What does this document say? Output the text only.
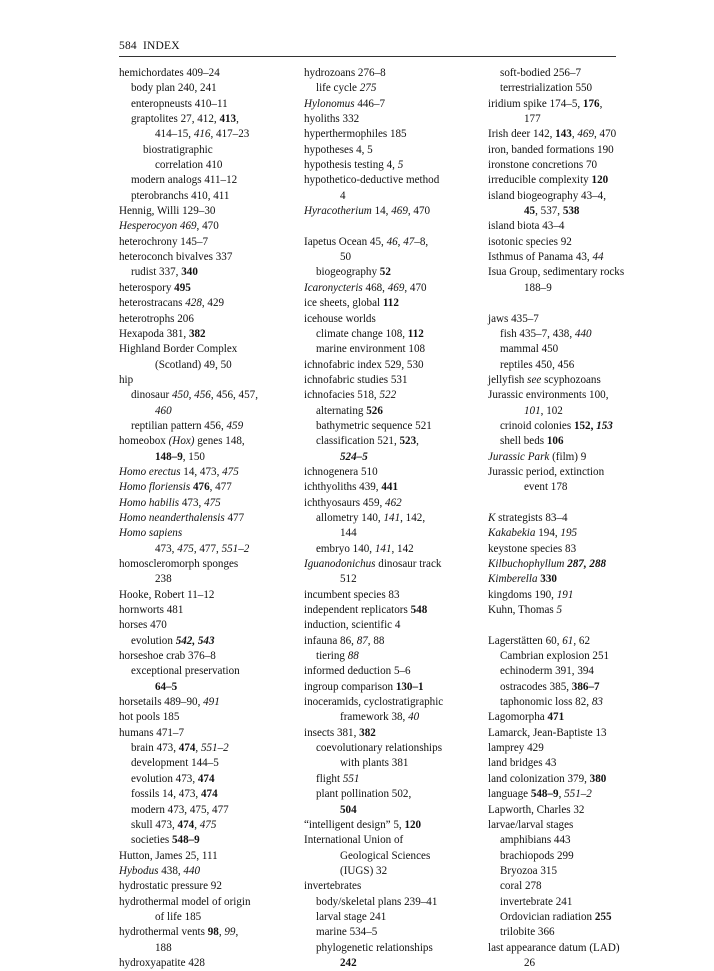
584 INDEX
hemichordates 409–24
body plan 240, 241
enteropneusts 410–11
graptolites 27, 412, 413,
414–15, 416, 417–23
biostratigraphic
correlation 410
modern analogs 411–12
pterobranchs 410, 411
Hennig, Willi 129–30
Hesperocyon 469, 470
heterochrony 145–7
heteroconch bivalves 337
rudist 337, 340
heterospory 495
heterostracans 428, 429
heterotrophs 206
Hexapoda 381, 382
Highland Border Complex
(Scotland) 49, 50
hip
dinosaur 450, 456, 456, 457,
460
reptilian pattern 456, 459
homeobox (Hox) genes 148,
148–9, 150
Homo erectus 14, 473, 475
Homo floriensis 476, 477
Homo habilis 473, 475
Homo neanderthalensis 477
Homo sapiens
473, 475, 477, 551–2
homoscleromorph sponges
238
Hooke, Robert 11–12
hornworts 481
horses 470
evolution 542, 543
horseshoe crab 376–8
exceptional preservation
64–5
horsetails 489–90, 491
hot pools 185
humans 471–7
brain 473, 474, 551–2
development 144–5
evolution 473, 474
fossils 14, 473, 474
modern 473, 475, 477
skull 473, 474, 475
societies 548–9
Hutton, James 25, 111
Hybodus 438, 440
hydrostatic pressure 92
hydrothermal model of origin
of life 185
hydrothermal vents 98, 99,
188
hydroxyapatite 428
hydrozoans 276–8
life cycle 275
Hylonomus 446–7
hyoliths 332
hyperthermophiles 185
hypotheses 4, 5
hypothesis testing 4, 5
hypothetico-deductive method
4
Hyracotherium 14, 469, 470
Iapetus Ocean 45, 46, 47–8,
50
biogeography 52
Icaronycteris 468, 469, 470
ice sheets, global 112
icehouse worlds
climate change 108, 112
marine environment 108
ichnofabric index 529, 530
ichnofabric studies 531
ichnofacies 518, 522
alternating 526
bathymetric sequence 521
classification 521, 523,
524–5
ichnogenera 510
ichthyoliths 439, 441
ichthyosaurs 459, 462
allometry 140, 141, 142,
144
embryo 140, 141, 142
Iguanodonichus dinosaur track
512
incumbent species 83
independent replicators 548
induction, scientific 4
infauna 86, 87, 88
tiering 88
informed deduction 5–6
ingroup comparison 130–1
inoceramids, cyclostratigraphic
framework 38, 40
insects 381, 382
coevolutionary relationships
with plants 381
flight 551
plant pollination 502,
504
“intelligent design” 5, 120
International Union of
Geological Sciences
(IUGS) 32
invertebrates
body/skeletal plans 239–41
larval stage 241
marine 534–5
phylogenetic relationships
242
soft-bodied 256–7
terrestrialization 550
iridium spike 174–5, 176,
177
Irish deer 142, 143, 469, 470
iron, banded formations 190
ironstone concretions 70
irreducible complexity 120
island biogeography 43–4,
45, 537, 538
island biota 43–4
isotonic species 92
Isthmus of Panama 43, 44
Isua Group, sedimentary rocks
188–9
jaws 435–7
fish 435–7, 438, 440
mammal 450
reptiles 450, 456
jellyfish see scyphozoans
Jurassic environments 100,
101, 102
crinoid colonies 152, 153
shell beds 106
Jurassic Park (film) 9
Jurassic period, extinction
event 178
K strategists 83–4
Kakabekia 194, 195
keystone species 83
Kilbuchophyllum 287, 288
Kimberella 330
kingdoms 190, 191
Kuhn, Thomas 5
Lagerstätten 60, 61, 62
Cambrian explosion 251
echinoderm 391, 394
ostracodes 385, 386–7
taphonomic loss 82, 83
Lagomorpha 471
Lamarck, Jean-Baptiste 13
lamprey 429
land bridges 43
land colonization 379, 380
language 548–9, 551–2
Lapworth, Charles 32
larvae/larval stages
amphibians 443
brachiopods 299
Bryozoa 315
coral 278
invertebrate 241
Ordovician radiation 255
trilobite 366
last appearance datum (LAD)
26
